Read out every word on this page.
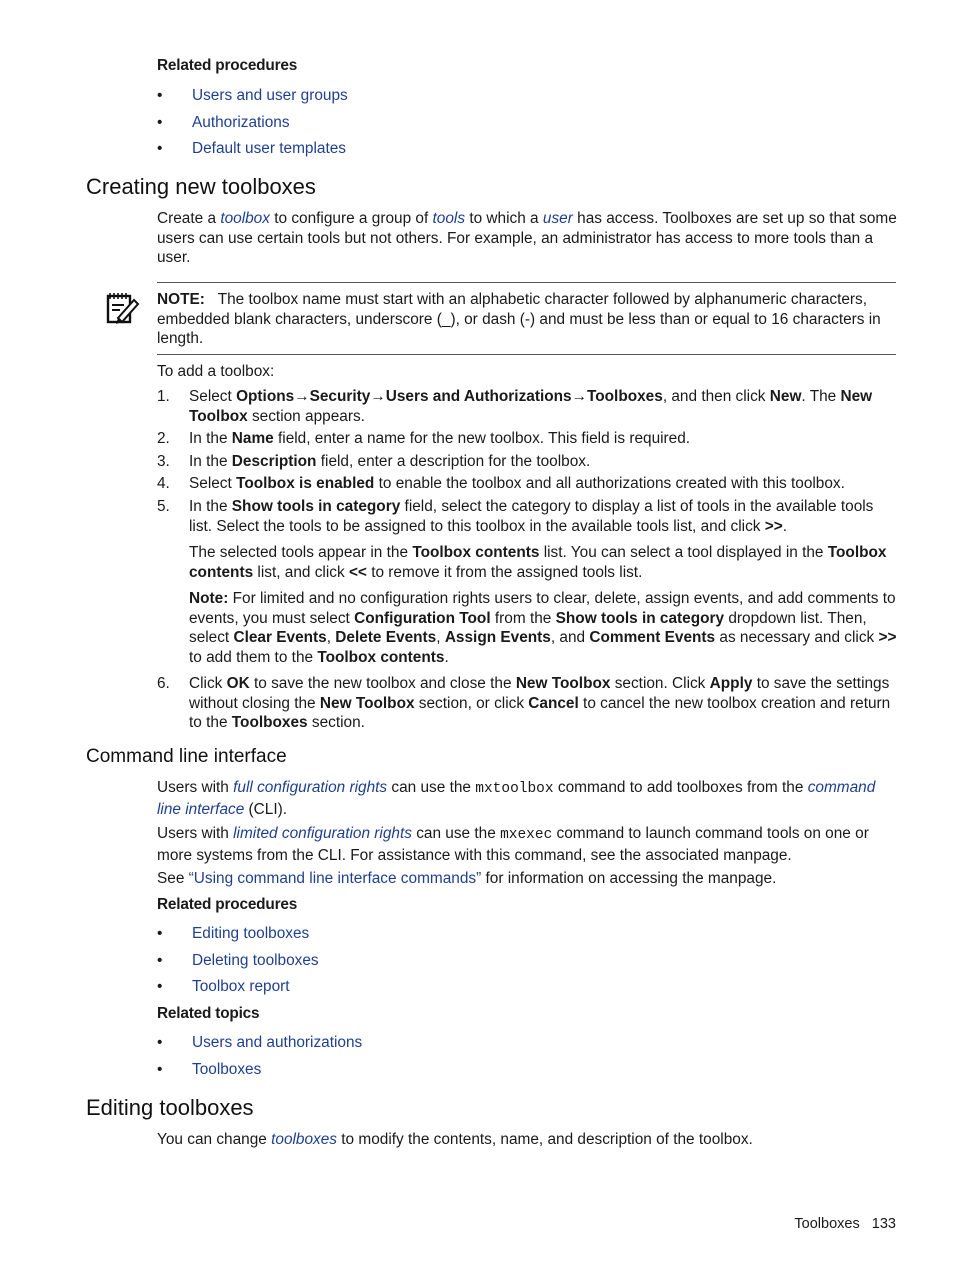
Related procedures
• Users and user groups
• Authorizations
• Default user templates
Creating new toolboxes

Create a toolbox to configure a group of tools to which a user has access. Toolboxes are set up so that some users can use certain tools but not others. For example, an administrator has access to more tools than a user.

NOTE: The toolbox name must start with an alphabetic character followed by alphanumeric characters, embedded blank characters, underscore (_), or dash (-) and must be less than or equal to 16 characters in length.

To add a toolbox:

1. Select Options→Security→Users and Authorizations→Toolboxes, and then click New. The New Toolbox section appears.
2. In the Name field, enter a name for the new toolbox. This field is required.
3. In the Description field, enter a description for the toolbox.
4. Select Toolbox is enabled to enable the toolbox and all authorizations created with this toolbox.
5. In the Show tools in category field, select the category to display a list of tools in the available tools list. Select the tools to be assigned to this toolbox in the available tools list, and click >>.
The selected tools appear in the Toolbox contents list. You can select a tool displayed in the Toolbox contents list, and click << to remove it from the assigned tools list.
Note: For limited and no configuration rights users to clear, delete, assign events, and add comments to events, you must select Configuration Tool from the Show tools in category dropdown list. Then, select Clear Events, Delete Events, Assign Events, and Comment Events as necessary and click >> to add them to the Toolbox contents.
6. Click OK to save the new toolbox and close the New Toolbox section. Click Apply to save the settings without closing the New Toolbox section, or click Cancel to cancel the new toolbox creation and return to the Toolboxes section.
Command line interface

Users with full configuration rights can use the mxtoolbox command to add toolboxes from the command line interface (CLI).

Users with limited configuration rights can use the mxexec command to launch command tools on one or more systems from the CLI. For assistance with this command, see the associated manpage.

See “Using command line interface commands” for information on accessing the manpage.

Related procedures
• Editing toolboxes
• Deleting toolboxes
• Toolbox report
Related topics
• Users and authorizations
• Toolboxes
Editing toolboxes

You can change toolboxes to modify the contents, name, and description of the toolbox.

Toolboxes 133
